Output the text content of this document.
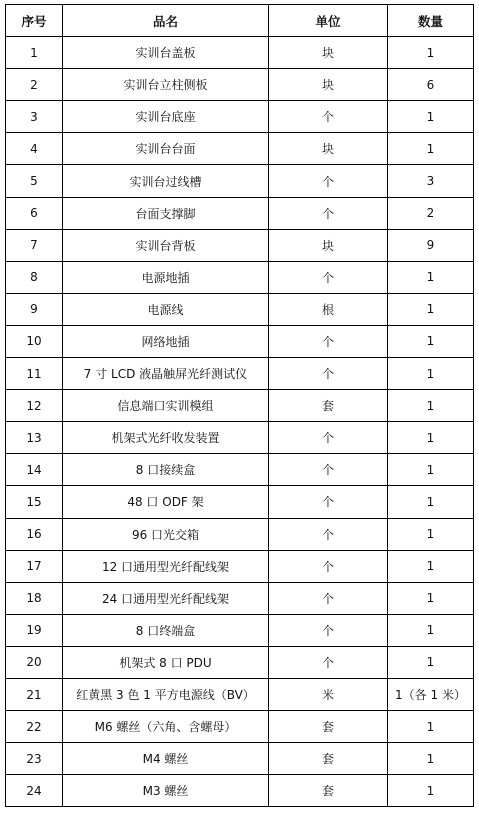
序号	品名	单位	数量
1	实训台盖板	块	1
2	实训台立柱侧板	块	6
3	实训台底座	个	1
4	实训台台面	块	1
5	实训台过线槽	个	3
6	台面支撑脚	个	2
7	实训台背板	块	9
8	电源地插	个	1
9	电源线	根	1
10	网络地插	个	1
11	7 寸 LCD 液晶触屏光纤测试仪	个	1
12	信息端口实训模组	套	1
13	机架式光纤收发装置	个	1
14	8 口接续盒	个	1
15	48 口 ODF 架	个	1
16	96 口光交箱	个	1
17	12 口通用型光纤配线架	个	1
18	24 口通用型光纤配线架	个	1
19	8 口终端盒	个	1
20	机架式 8 口 PDU	个	1
21	红黄黑 3 色 1 平方电源线（BV）	米	1（各 1 米）
22	M6 螺丝（六角、含螺母）	套	1
23	M4 螺丝	套	1
24	M3 螺丝	套	1
